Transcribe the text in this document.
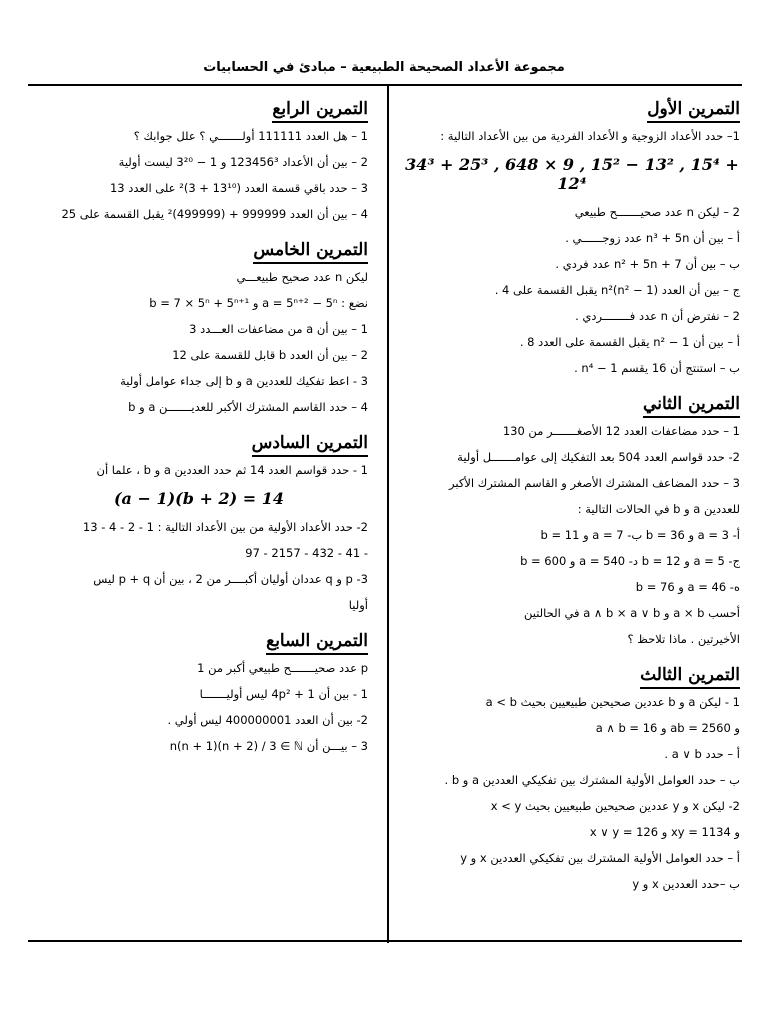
مجموعة الأعداد الصحيحة الطبيعية – مبادئ في الحسابيات
التمرين الأول
1– حدد الأعداد الزوجية و الأعداد الفردية من بين الأعداد التالية :
34³ + 25³ , 648 × 9 , 15² − 13² , 15⁴ + 12⁴
2 – ليكن n عدد صحيـــــــح طبيعي
أ – بين أن n³ + 5n عدد زوجــــــي .
ب – بين أن n² + 5n + 7 عدد فردي .
ج – بين أن العدد n²(n² − 1) يقبل القسمة على 4 .
2 – نفترض أن n عدد فــــــــردي .
أ – بين أن n² − 1 يقبل القسمة على العدد 8 .
ب – استنتج أن 16 يقسم n⁴ − 1 .
التمرين الثاني
1 – حدد مضاعفات العدد 12 الأصغـــــــر من 130
2- حدد قواسم العدد 504 بعد التفكيك إلى عوامـــــــل أولية
3 – حدد المضاعف المشترك الأصغر و القاسم المشترك الأكبر
للعددين a و b في الحالات التالية :
أ- a = 3 و b = 36 ب- a = 7 و b = 11
ج- a = 5 و b = 12 د- a = 540 و b = 600
ه- a = 46 و b = 76
أحسب a × b و a ∧ b × a ∨ b في الحالتين
الأخيرتين . ماذا تلاحظ ؟
التمرين الثالث
1 - ليكن a و b عددين صحيحين طبيعيين بحيث a < b
و ab = 2560 و a ∧ b = 16
أ – حدد a ∨ b .
ب – حدد العوامل الأولية المشترك بين تفكيكي العددين a و b .
2- ليكن x و y عددين صحيحين طبيعيين بحيث x < y
و xy = 1134 و x ∨ y = 126
أ – حدد العوامل الأولية المشترك بين تفكيكي العددين x و y
ب –حدد العددين x و y
التمرين الرابع
1 – هل العدد 111111 أولـــــــي ؟ علل جوابك ؟
2 – بين أن الأعداد 123456³ و 1 − 3²⁰ ليست أولية
3 – حدد باقي قسمة العدد (13¹⁰ + 3)² على العدد 13
4 – بين أن العدد 999999 + (499999)² يقبل القسمة على 25
التمرين الخامس
ليكن n عدد صحيح طبيعـــي
نضع : a = 5ⁿ⁺² − 5ⁿ و b = 7 × 5ⁿ + 5ⁿ⁺¹
1 – بين أن a من مضاعفات العـــدد 3
2 – بين أن العدد b قابل للقسمة على 12
3 - اعط تفكيك للعددين a و b إلى جداء عوامل أولية
4 – حدد القاسم المشترك الأكبر للعديـــــــن a و b
التمرين السادس
1 - حدد قواسم العدد 14 ثم حدد العددين a و b ، علما أن
(a − 1)(b + 2) = 14
2- حدد الأعداد الأولية من بين الأعداد التالية : 1 - 2 - 4 - 13
- 41 - 432 - 2157 - 97
3- p و q عددان أوليان أكبــــر من 2 ، بين أن p + q ليس
أوليا
التمرين السابع
p عدد صحيـــــــح طبيعي أكبر من 1
1 - بين أن 4p² + 1 ليس أوليـــــــا
2- بين أن العدد 400000001 ليس أولي .
3 – بيـــن أن n(n + 1)(n + 2) / 3 ∈ ℕ
